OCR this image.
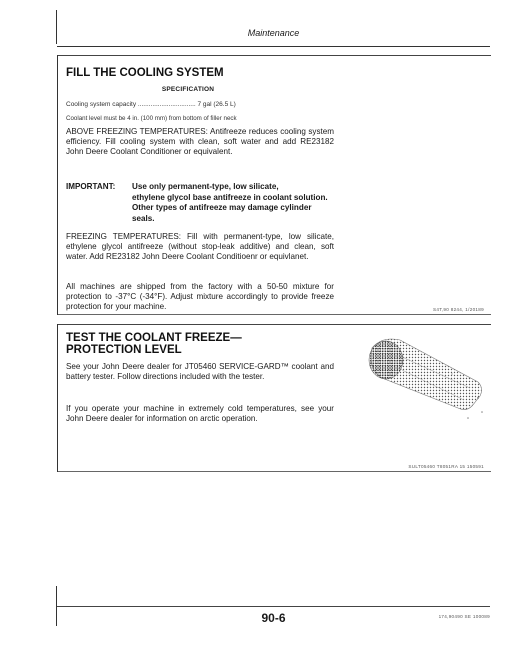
Maintenance
FILL THE COOLING SYSTEM
SPECIFICATION
Cooling system capacity ................................ 7 gal (26.5 L)
Coolant level must be 4 in. (100 mm) from bottom of filler neck
ABOVE FREEZING TEMPERATURES: Antifreeze reduces cooling system efficiency. Fill cooling system with clean, soft water and add RE23182 John Deere Coolant Conditioner or equivalent.
IMPORTANT: Use only permanent-type, low silicate,
ethylene glycol base antifreeze in coolant solution. Other types of antifreeze may damage cylinder seals.
FREEZING TEMPERATURES: Fill with permanent-type, low silicate, ethylene glycol antifreeze (without stop-leak additive) and clean, soft water. Add RE23182 John Deere Coolant Conditioenr or equivlanet.
All machines are shipped from the factory with a 50-50 mixture for protection to -37°C (-34°F). Adjust mixture accordingly to provide freeze protection for your machine.	S4T,90 8244, 1/20189
TEST THE COOLANT FREEZE—
PROTECTION LEVEL
See your John Deere dealer for JT05460 SERVICE-GARD™ coolant and battery tester. Follow directions included with the tester.
If you operate your machine in extremely cold temperatures, see your John Deere dealer for information on arctic operation.
SULT05460 T8051RA 15 150591
90-6	174,90490 SE 100089
